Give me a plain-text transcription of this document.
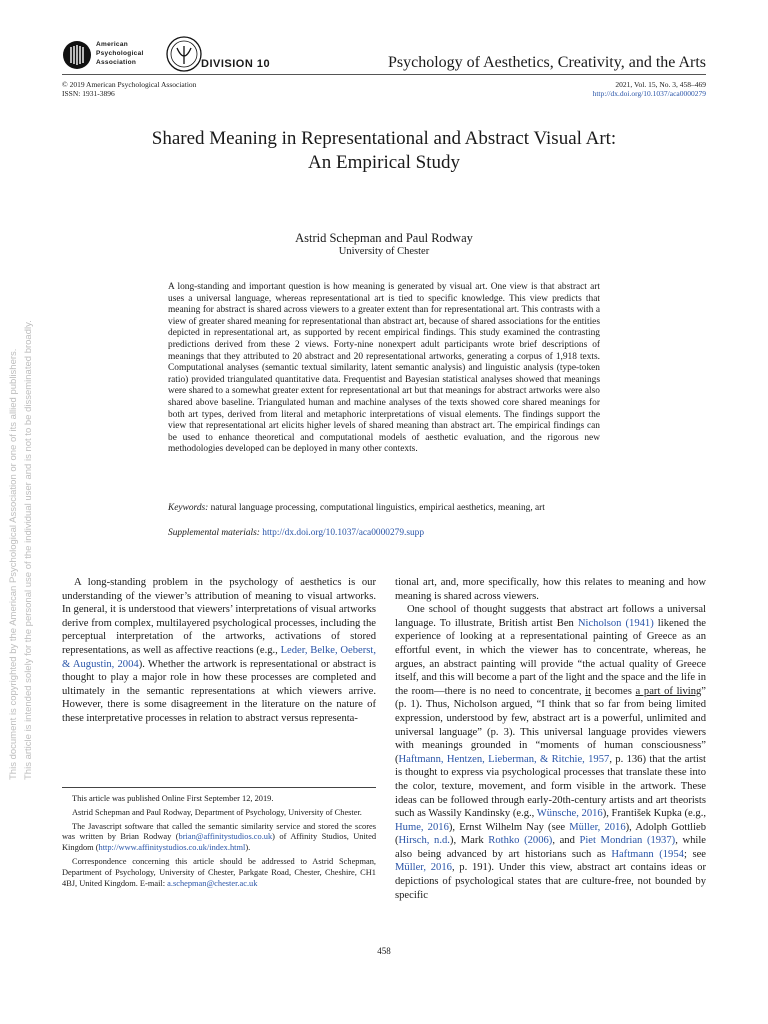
American
Psychological
Association	DIVISION 10	Psychology of Aesthetics, Creativity, and the Arts
© 2019 American Psychological Association
ISSN: 1931-3896
2021, Vol. 15, No. 3, 458–469
http://dx.doi.org/10.1037/aca0000279
Shared Meaning in Representational and Abstract Visual Art:
An Empirical Study
Astrid Schepman and Paul Rodway
University of Chester

A long-standing and important question is how meaning is generated by visual art. One view is that abstract art uses a universal language, whereas representational art is tied to specific knowledge. This view predicts that meaning for abstract is shared across viewers to a greater extent than for representational art. This contrasts with a view of greater shared meaning for representational than abstract art, because of shared associations for the entities depicted in representational art, as supported by recent empirical findings. This study examined the contrasting predictions derived from these 2 views. Forty-nine nonexpert adult participants wrote brief descriptions of meanings that they attributed to 20 abstract and 20 representational artworks, generating a corpus of 1,918 texts. Computational analyses (semantic textual similarity, latent semantic analysis) and linguistic analysis (type-token ratio) provided triangulated quantitative data. Frequentist and Bayesian statistical analyses showed that meanings were shared to a somewhat greater extent for representational art but that meanings for abstract artworks were also shared above baseline. Triangulated human and machine analyses of the texts showed core shared meanings for both art types, derived from literal and metaphoric interpretations of visual elements. The findings support the view that representational art elicits higher levels of shared meaning than abstract art. The empirical findings can be used to enhance theoretical and computational models of aesthetic evaluation, and the rigorous new methodologies developed can be deployed in many other contexts.

Keywords: natural language processing, computational linguistics, empirical aesthetics, meaning, art
Supplemental materials: http://dx.doi.org/10.1037/aca0000279.supp

A long-standing problem in the psychology of aesthetics is our understanding of the viewer’s attribution of meaning to visual artworks. In general, it is understood that viewers’ interpretations of visual artworks derive from complex, multilayered psychological processes, including the perceptual interpretation of the artworks, activations of stored representations, as well as affective reactions (e.g., Leder, Belke, Oeberst, & Augustin, 2004). Whether the artwork is representational or abstract is thought to play a major role in how these processes are completed and ultimately in the semantic representations at which viewers arrive. However, there is some disagreement in the literature on the nature of these interpretative processes in relation to abstract versus representa-

This article was published Online First September 12, 2019.

Astrid Schepman and Paul Rodway, Department of Psychology, University of Chester.

The Javascript software that called the semantic similarity service and stored the scores was written by Brian Rodway (brian@affinitystudios.co.uk) of Affinity Studios, United Kingdom (http://www.affinitystudios.co.uk/index.html).

Correspondence concerning this article should be addressed to Astrid Schepman, Department of Psychology, University of Chester, Parkgate Road, Chester, Cheshire, CH1 4BJ, United Kingdom. E-mail: a.schepman@chester.ac.uk

tional art, and, more specifically, how this relates to meaning and how meaning is shared across viewers.

One school of thought suggests that abstract art follows a universal language. To illustrate, British artist Ben Nicholson (1941) likened the experience of looking at a representational painting of Greece as an effortful event, in which the viewer has to concentrate, whereas, he argues, an abstract painting will provide “the actual quality of Greece itself, and this will become a part of the light and the space and the life in the room—there is no need to concentrate, it becomes a part of living” (p. 1). Thus, Nicholson argued, “I think that so far from being limited expression, understood by few, abstract art is a powerful, unlimited and universal language” (p. 3). This universal language provides viewers with meanings grounded in “moments of human consciousness” (Haftmann, Hentzen, Lieberman, & Ritchie, 1957, p. 136) that the artist is thought to express via psychological processes that translate these into the color, texture, movement, and form visible in the artwork. These ideas can be followed through early-20th-century artists and art theorists such as Wassily Kandinsky (e.g., Wünsche, 2016), František Kupka (e.g., Hume, 2016), Ernst Wilhelm Nay (see Müller, 2016), Adolph Gottlieb (Hirsch, n.d.), Mark Rothko (2006), and Piet Mondrian (1937), while also being advanced by art historians such as Haftmann (1954; see Müller, 2016, p. 191). Under this view, abstract art contains ideas or depictions of psychological states that are culture-free, not bounded by specific

458
This document is copyrighted by the American Psychological Association or one of its allied publishers. This article is intended solely for the personal use of the individual user and is not to be disseminated broadly.
